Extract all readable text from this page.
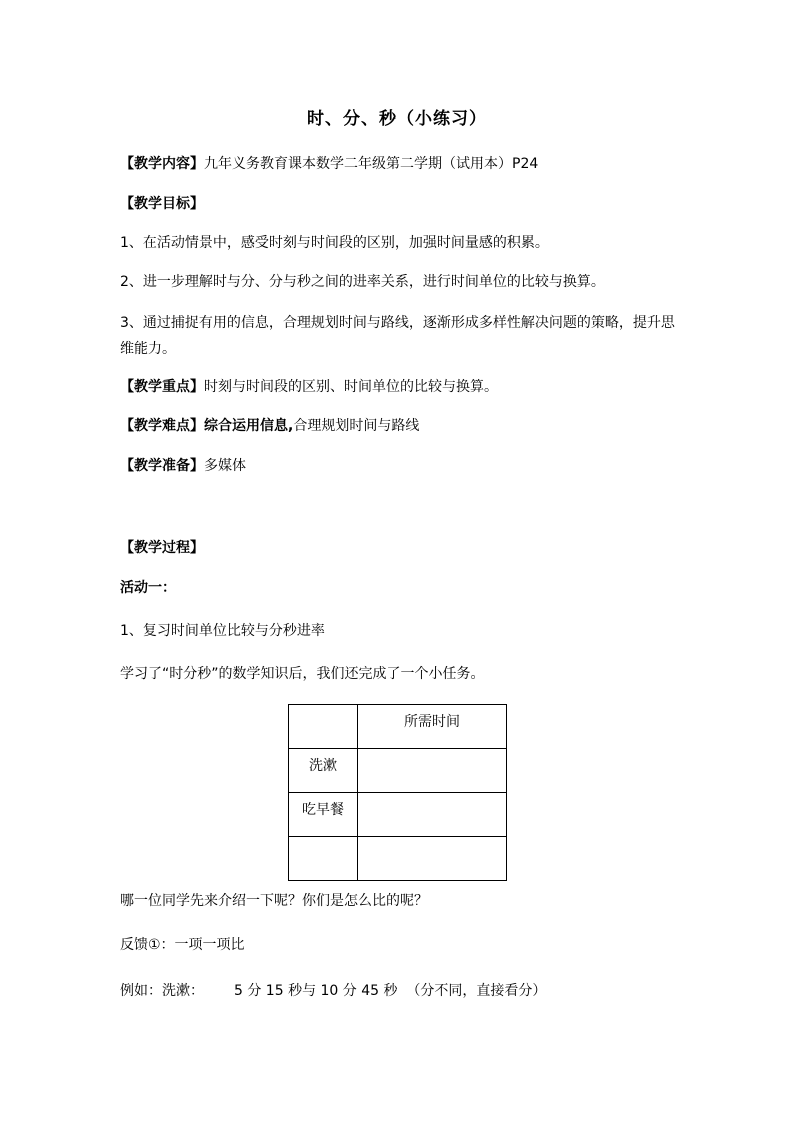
时、分、秒（小练习）
【教学内容】九年义务教育课本数学二年级第二学期（试用本）P24
【教学目标】
1、在活动情景中，感受时刻与时间段的区别，加强时间量感的积累。
2、进一步理解时与分、分与秒之间的进率关系，进行时间单位的比较与换算。
3、通过捕捉有用的信息，合理规划时间与路线，逐渐形成多样性解决问题的策略，提升思维能力。
【教学重点】时刻与时间段的区别、时间单位的比较与换算。
【教学难点】综合运用信息,合理规划时间与路线
【教学准备】多媒体
【教学过程】
活动一：
1、复习时间单位比较与分秒进率
学习了“时分秒”的数学知识后，我们还完成了一个小任务。
	所需时间
洗漱	
吃早餐	

哪一位同学先来介绍一下呢？你们是怎么比的呢？
反馈①：一项一项比
例如：洗漱： 5 分 15 秒与 10 分 45 秒 （分不同，直接看分）
